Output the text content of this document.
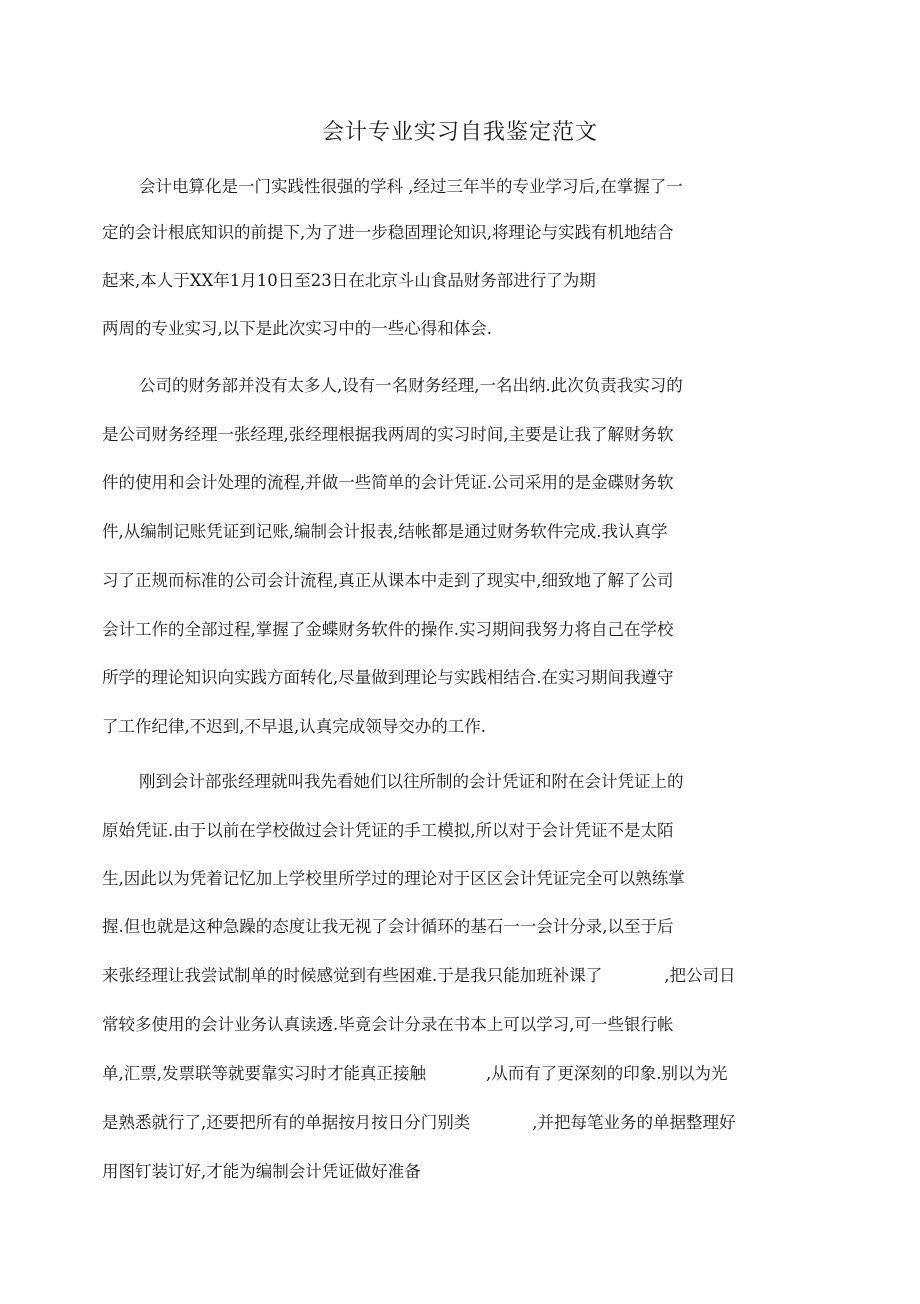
会计专业实习自我鉴定范文
会计电算化是一门实践性很强的学科 ,经过三年半的专业学习后,在掌握了一
定的会计根底知识的前提下,为了进一步稳固理论知识,将理论与实践有机地结合
起来,本人于XX年1月10日至23日在北京斗山食品财务部进行了为期
两周的专业实习,以下是此次实习中的一些心得和体会.
公司的财务部并没有太多人,设有一名财务经理,一名出纳.此次负责我实习的
是公司财务经理一张经理,张经理根据我两周的实习时间,主要是让我了解财务软
件的使用和会计处理的流程,并做一些简单的会计凭证.公司采用的是金碟财务软
件,从编制记账凭证到记账,编制会计报表,结帐都是通过财务软件完成.我认真学
习了正规而标准的公司会计流程,真正从课本中走到了现实中,细致地了解了公司
会计工作的全部过程,掌握了金蝶财务软件的操作.实习期间我努力将自己在学校
所学的理论知识向实践方面转化,尽量做到理论与实践相结合.在实习期间我遵守
了工作纪律,不迟到,不早退,认真完成领导交办的工作.
刚到会计部张经理就叫我先看她们以往所制的会计凭证和附在会计凭证上的
原始凭证.由于以前在学校做过会计凭证的手工模拟,所以对于会计凭证不是太陌
生,因此以为凭着记忆加上学校里所学过的理论对于区区会计凭证完全可以熟练掌
握.但也就是这种急躁的态度让我无视了会计循环的基石一一会计分录,以至于后
来张经理让我尝试制单的时候感觉到有些困难.于是我只能加班补课了	,把公司日
常较多使用的会计业务认真读透.毕竟会计分录在书本上可以学习,可一些银行帐
单,汇票,发票联等就要靠实习时才能真正接触	,从而有了更深刻的印象.别以为光
是熟悉就行了,还要把所有的单据按月按日分门别类	,并把每笔业务的单据整理好
用图钉装订好,才能为编制会计凭证做好准备
